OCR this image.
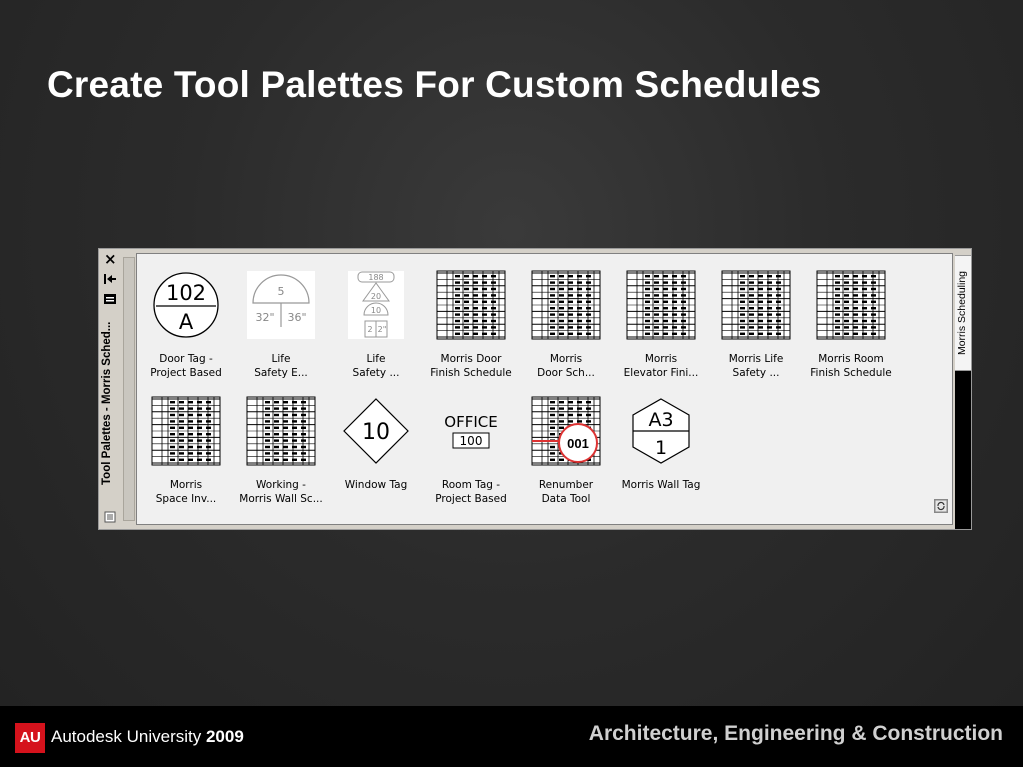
Create Tool Palettes For Custom Schedules
×
Tool Palettes - Morris Sched...
102
A
Door Tag -
Project Based
5
32" 36"
Life
Safety E...
188
20
10
2 2"
Life
Safety ...
Morris Door
Finish Schedule
Morris
Door Sch...
Morris
Elevator Fini...
Morris Life
Safety ...
Morris Room
Finish Schedule
Morris
Space Inv...
Working -
Morris Wall Sc...
10
Window Tag
OFFICE
100
Room Tag -
Project Based
001
Renumber
Data Tool
A3
1
Morris Wall Tag
Morris Scheduling
AU Autodesk University 2009	Architecture, Engineering & Construction
